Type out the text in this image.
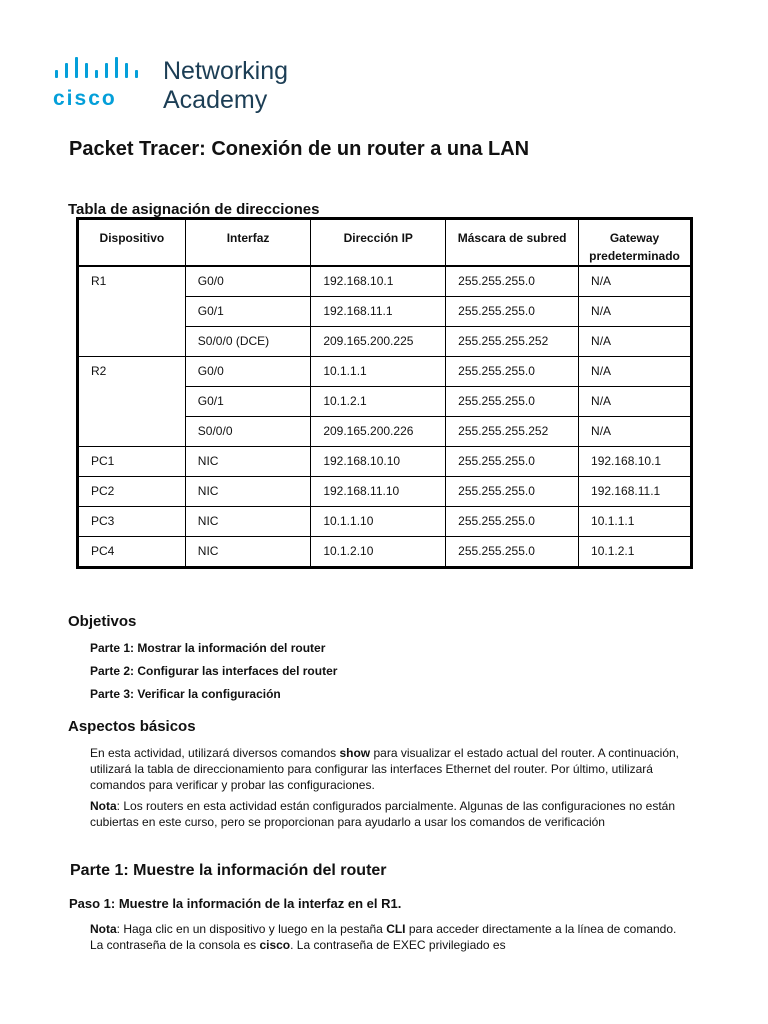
cisco
Networking
Academy
Packet Tracer: Conexión de un router a una LAN
Tabla de asignación de direcciones
Dispositivo	Interfaz	Dirección IP	Máscara de subred	Gateway predeterminado
R1	G0/0	192.168.10.1	255.255.255.0	N/A
	G0/1	192.168.11.1	255.255.255.0	N/A
	S0/0/0 (DCE)	209.165.200.225	255.255.255.252	N/A
R2	G0/0	10.1.1.1	255.255.255.0	N/A
	G0/1	10.1.2.1	255.255.255.0	N/A
	S0/0/0	209.165.200.226	255.255.255.252	N/A
PC1	NIC	192.168.10.10	255.255.255.0	192.168.10.1
PC2	NIC	192.168.11.10	255.255.255.0	192.168.11.1
PC3	NIC	10.1.1.10	255.255.255.0	10.1.1.1
PC4	NIC	10.1.2.10	255.255.255.0	10.1.2.1
Objetivos
Parte 1: Mostrar la información del router
Parte 2: Configurar las interfaces del router
Parte 3: Verificar la configuración
Aspectos básicos
En esta actividad, utilizará diversos comandos show para visualizar el estado actual del router. A continuación, utilizará la tabla de direccionamiento para configurar las interfaces Ethernet del router. Por último, utilizará comandos para verificar y probar las configuraciones.
Nota: Los routers en esta actividad están configurados parcialmente. Algunas de las configuraciones no están cubiertas en este curso, pero se proporcionan para ayudarlo a usar los comandos de verificación
Parte 1: Muestre la información del router
Paso 1: Muestre la información de la interfaz en el R1.
Nota: Haga clic en un dispositivo y luego en la pestaña CLI para acceder directamente a la línea de comando. La contraseña de la consola es cisco. La contraseña de EXEC privilegiado es
